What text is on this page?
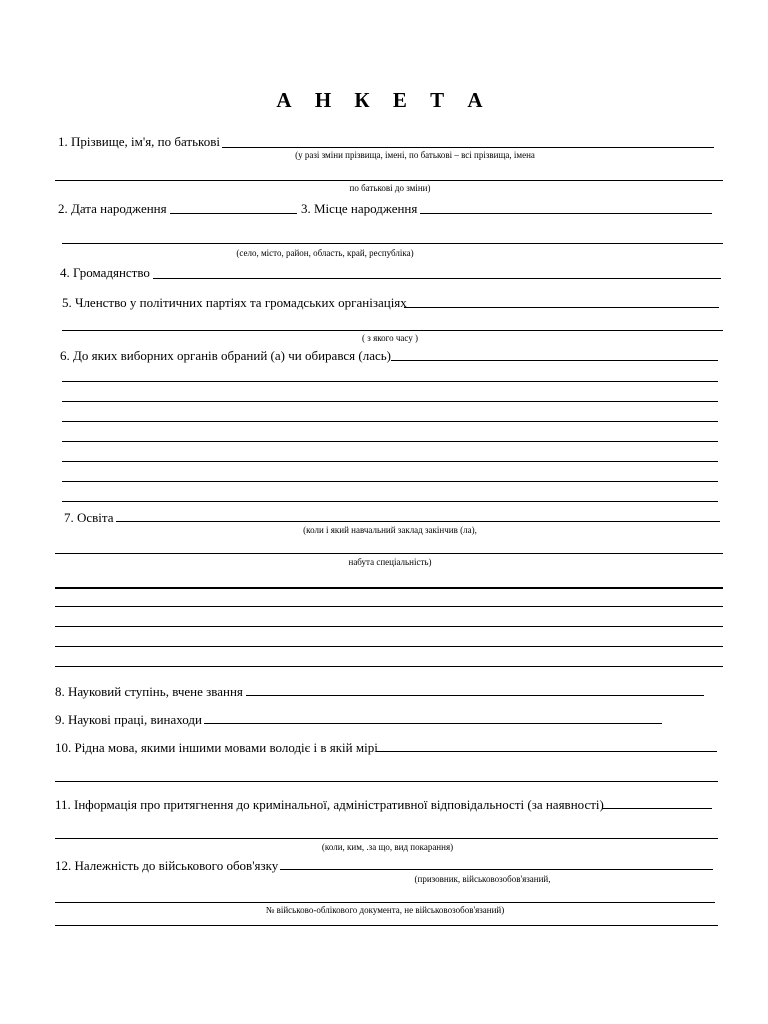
А Н К Е Т А
1. Прізвище, ім'я, по батькові
(у разі зміни прізвища, імені, по батькові – всі прізвища, імена
по батькові до зміни)
2. Дата народження	3. Місце народження
(село, місто, район, область, край, республіка)
4. Громадянство
5. Членство у політичних партіях та громадських організаціях
( з якого часу )
6. До яких виборних органів обраний (а) чи обирався (лась)
7. Освіта
(коли і який навчальний заклад закінчив (ла),
набута спеціальність)
8. Науковий ступінь, вчене звання
9. Наукові праці, винаходи
10. Рідна мова, якими іншими мовами володіє і в якій мірі
11. Інформація про притягнення до кримінальної, адміністративної відповідальності (за наявності)
(коли, ким, .за що, вид покарання)
12. Належність до військового обов'язку
(призовник, військовозобов'язаний,
№ військово-облікового документа, не військовозобов'язаний)
